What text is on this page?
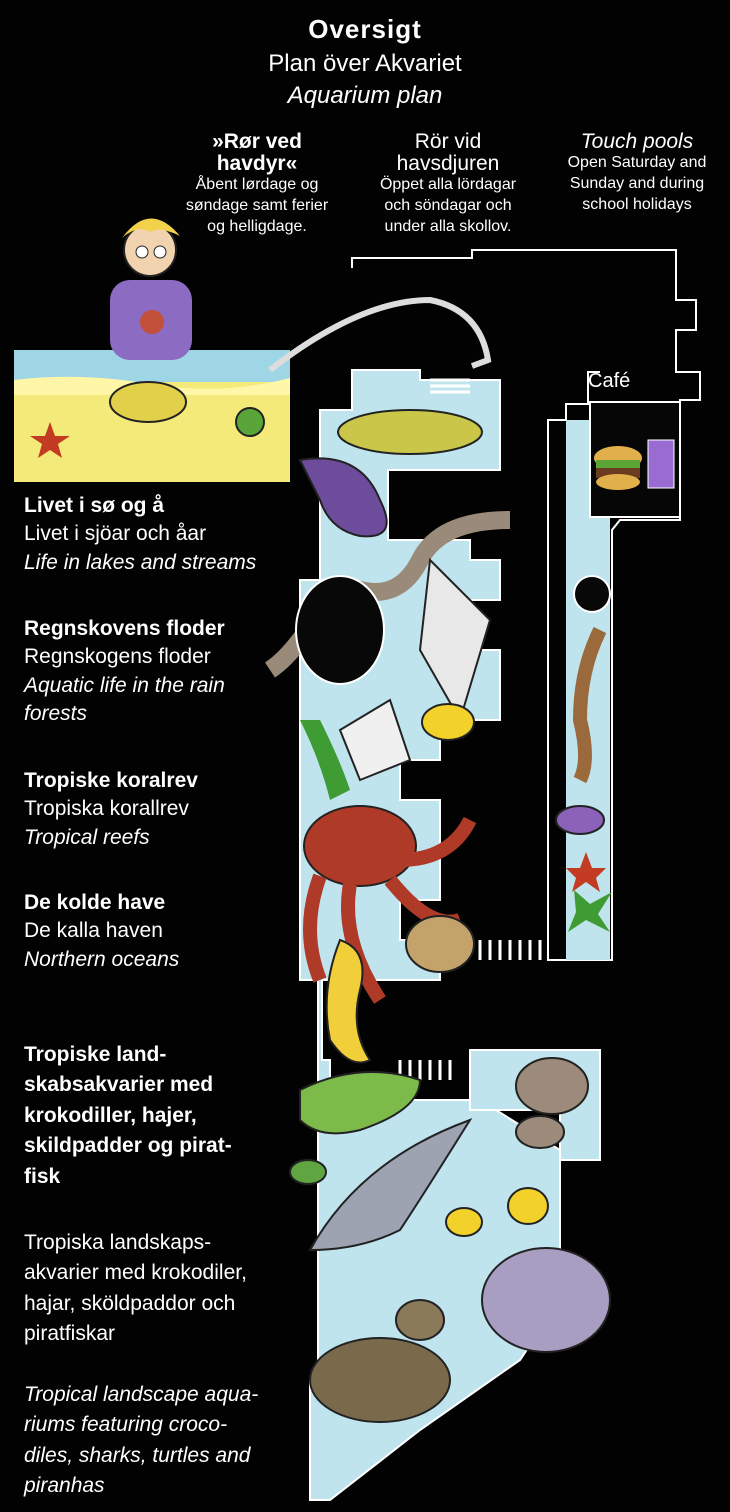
Oversigt
Plan över Akvariet
Aquarium plan
»Rør ved
havdyr«
Åbent lørdage og
søndage samt ferier
og helligdage.
Rör vid
havsdjuren
Öppet alla lördagar
och söndagar och
under alla skollov.
Touch pools
Open Saturday and
Sunday and during
school holidays
Café
Livet i sø og å
Livet i sjöar och åar
Life in lakes and streams
Regnskovens floder
Regnskogens floder
Aquatic life in the rain
forests
Tropiske koralrev
Tropiska korallrev
Tropical reefs
De kolde have
De kalla haven
Northern oceans
Tropiske land-
skabsakvarier med
krokodiller, hajer,
skildpadder og pirat-
fisk
Tropiska landskaps-
akvarier med krokodiler,
hajar, sköldpaddor och
piratfiskar
Tropical landscape aqua-
riums featuring croco-
diles, sharks, turtles and
piranhas
